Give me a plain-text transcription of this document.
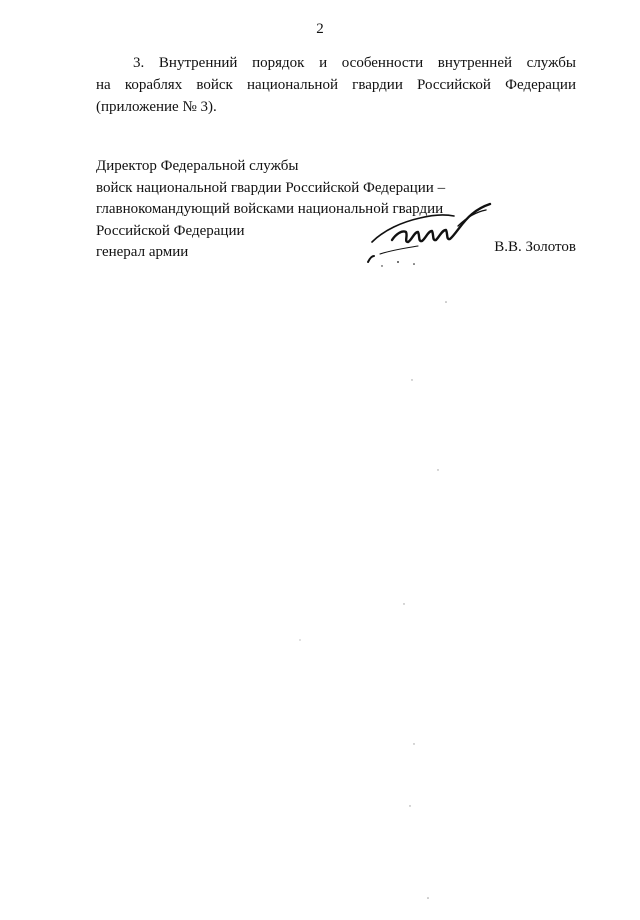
2
3. Внутренний порядок и особенности внутренней службы
на кораблях войск национальной гвардии Российской Федерации
(приложение № 3).
Директор Федеральной службы
войск национальной гвардии Российской Федерации –
главнокомандующий войсками национальной гвардии
Российской Федерации
генерал армии	В.В. Золотов
